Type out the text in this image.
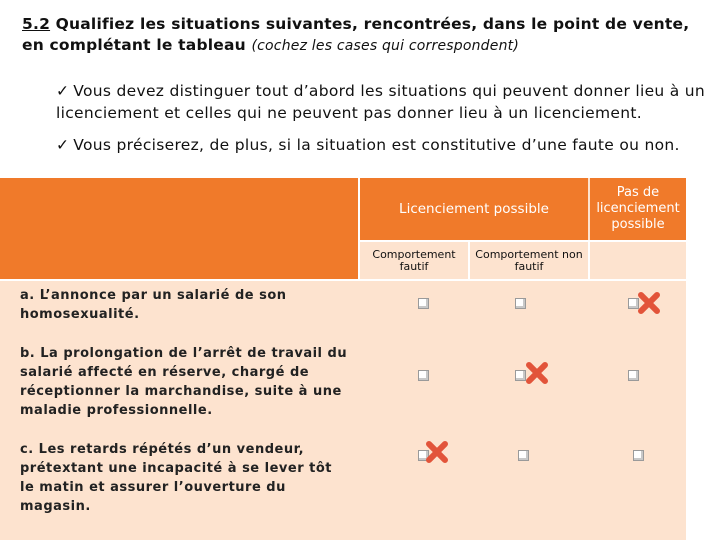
5.2 Qualifiez les situations suivantes, rencontrées, dans le point de vente, en complétant le tableau (cochez les cases qui correspondent)
✓ Vous devez distinguer tout d’abord les situations qui peuvent donner lieu à un licenciement et celles qui ne peuvent pas donner lieu à un licenciement.
✓ Vous préciserez, de plus, si la situation est constitutive d’une faute ou non.
Licenciement possible
Pas de licenciement possible
Comportement fautif
Comportement non fautif
a. L’annonce par un salarié de son homosexualité.
b. La prolongation de l’arrêt de travail du salarié affecté en réserve, chargé de réceptionner la marchandise, suite à une maladie professionnelle.
c. Les retards répétés d’un vendeur, prétextant une incapacité à se lever tôt le matin et assurer l’ouverture du magasin.
